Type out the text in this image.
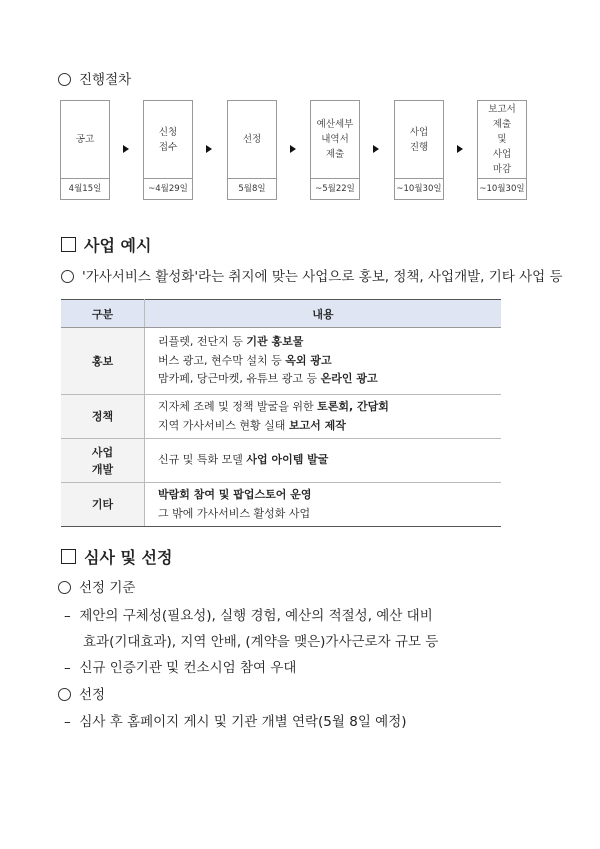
진행절차
공고
4월15일
신청
접수
~4월29일
선정
5월8일
예산세부
내역서
제출
~5월22일
사업
진행
~10월30일
보고서
제출
및
사업
마감
~10월30일
사업 예시
'가사서비스 활성화'라는 취지에 맞는 사업으로 홍보, 정책, 사업개발, 기타 사업 등
구분	내용
홍보	리플렛, 전단지 등 기관 홍보물
버스 광고, 현수막 설치 등 옥외 광고
맘카페, 당근마켓, 유튜브 광고 등 온라인 광고

정책	지자체 조례 및 정책 발굴을 위한 토론회, 간담회
지역 가사서비스 현황 실태 보고서 제작

사업
개발	신규 및 특화 모델 사업 아이템 발굴

기타	박람회 참여 및 팝업스토어 운영
그 밖에 가사서비스 활성화 사업
심사 및 선정
선정 기준
– 제안의 구체성(필요성), 실행 경험, 예산의 적절성, 예산 대비
효과(기대효과), 지역 안배, (계약을 맺은)가사근로자 규모 등
– 신규 인증기관 및 컨소시엄 참여 우대
선정
– 심사 후 홈페이지 게시 및 기관 개별 연락(5월 8일 예정)
